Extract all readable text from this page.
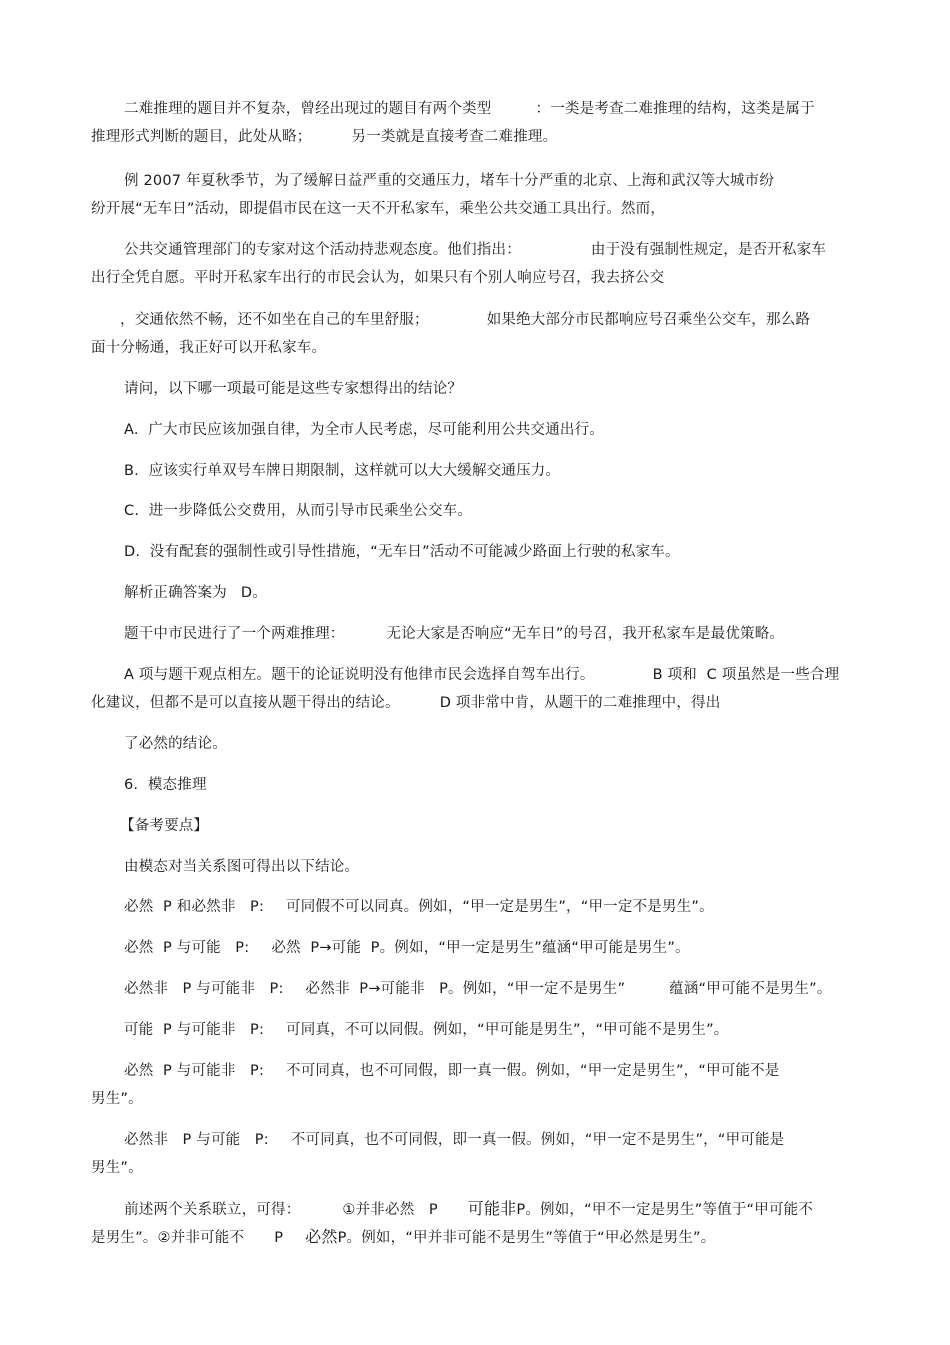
二难推理的题目并不复杂，曾经出现过的题目有两个类型	：一类是考查二难推理的结构，这类是属于
推理形式判断的题目，此处从略；	另一类就是直接考查二难推理。
例 2007 年夏秋季节，为了缓解日益严重的交通压力，堵车十分严重的北京、上海和武汉等大城市纷
纷开展“无车日”活动，即提倡市民在这一天不开私家车，乘坐公共交通工具出行。然而，
公共交通管理部门的专家对这个活动持悲观态度。他们指出：	由于没有强制性规定，是否开私家车
出行全凭自愿。平时开私家车出行的市民会认为，如果只有个别人响应号召，我去挤公交
，交通依然不畅，还不如坐在自己的车里舒服；	如果绝大部分市民都响应号召乘坐公交车，那么路
面十分畅通，我正好可以开私家车。
请问，以下哪一项最可能是这些专家想得出的结论？
A.  广大市民应该加强自律，为全市人民考虑，尽可能利用公共交通出行。
B.  应该实行单双号车牌日期限制，这样就可以大大缓解交通压力。
C.  进一步降低公交费用，从而引导市民乘坐公交车。
D.  没有配套的强制性或引导性措施，“无车日”活动不可能减少路面上行驶的私家车。
解析正确答案为 D。
题干中市民进行了一个两难推理：	无论大家是否响应“无车日”的号召，我开私家车是最优策略。
A 项与题干观点相左。题干的论证说明没有他律市民会选择自驾车出行。	B 项和  C 项虽然是一些合理
化建议，但都不是可以直接从题干得出的结论。	D 项非常中肯，从题干的二难推理中，得出
了必然的结论。
6.  模态推理
【备考要点】
由模态对当关系图可得出以下结论。
必然  P 和必然非   P: 可同假不可以同真。例如，“甲一定是男生”，“甲一定不是男生”。
必然  P 与可能   P: 必然  P→可能  P。例如，“甲一定是男生”蕴涵“甲可能是男生”。
必然非   P 与可能非   P: 必然非  P→可能非   P。例如，“甲一定不是男生”	蕴涵“甲可能不是男生”。
可能  P 与可能非   P: 可同真，不可以同假。例如，“甲可能是男生”，“甲可能不是男生”。
必然  P 与可能非   P: 不可同真，也不可同假，即一真一假。例如，“甲一定是男生”，“甲可能不是
男生”。
必然非   P 与可能   P: 不可同真，也不可同假，即一真一假。例如，“甲一定不是男生”，“甲可能是
男生”。
前述两个关系联立，可得：	①并非必然   P 可能非P。例如，“甲不一定是男生”等值于“甲可能不
是男生”。②并非可能不 P 必然P。例如，“甲并非可能不是男生”等值于“甲必然是男生”。
